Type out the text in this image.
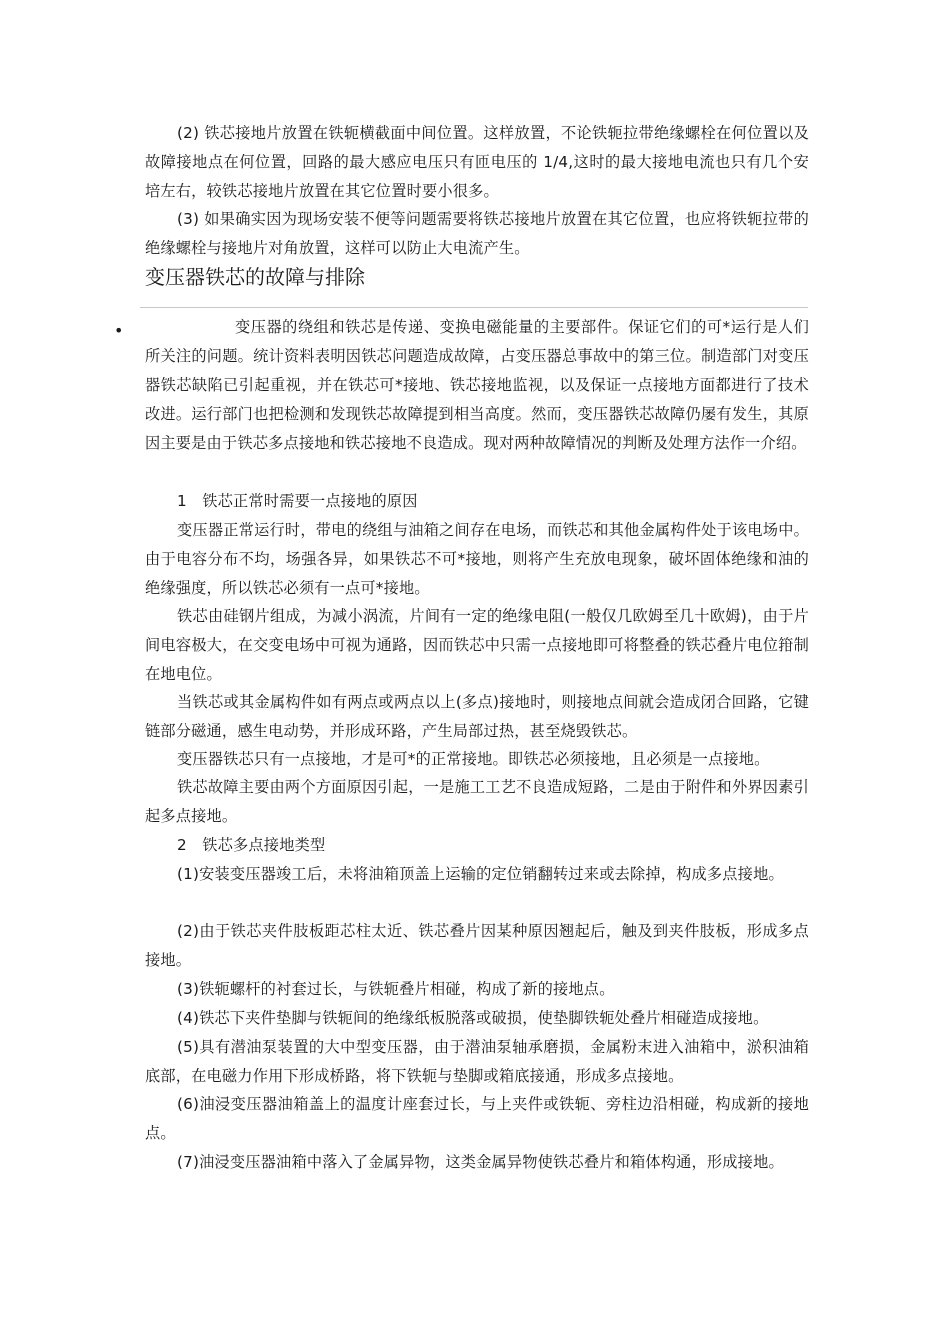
(2) 铁芯接地片放置在铁轭横截面中间位置。这样放置，不论铁轭拉带绝缘螺栓在何位置以及故障接地点在何位置，回路的最大感应电压只有匝电压的 1/4,这时的最大接地电流也只有几个安培左右，较铁芯接地片放置在其它位置时要小很多。

(3) 如果确实因为现场安装不便等问题需要将铁芯接地片放置在其它位置，也应将铁轭拉带的绝缘螺栓与接地片对角放置，这样可以防止大电流产生。

变压器铁芯的故障与排除
•	变压器的绕组和铁芯是传递、变换电磁能量的主要部件。保证它们的可*运行是人们所关注的问题。统计资料表明因铁芯问题造成故障，占变压器总事故中的第三位。制造部门对变压器铁芯缺陷已引起重视，并在铁芯可*接地、铁芯接地监视，以及保证一点接地方面都进行了技术改进。运行部门也把检测和发现铁芯故障提到相当高度。然而，变压器铁芯故障仍屡有发生，其原因主要是由于铁芯多点接地和铁芯接地不良造成。现对两种故障情况的判断及处理方法作一介绍。

1　铁芯正常时需要一点接地的原因

变压器正常运行时，带电的绕组与油箱之间存在电场，而铁芯和其他金属构件处于该电场中。由于电容分布不均，场强各异，如果铁芯不可*接地，则将产生充放电现象，破坏固体绝缘和油的绝缘强度，所以铁芯必须有一点可*接地。

铁芯由硅钢片组成，为减小涡流，片间有一定的绝缘电阻(一般仅几欧姆至几十欧姆)，由于片间电容极大，在交变电场中可视为通路，因而铁芯中只需一点接地即可将整叠的铁芯叠片电位箝制在地电位。

当铁芯或其金属构件如有两点或两点以上(多点)接地时，则接地点间就会造成闭合回路，它键链部分磁通，感生电动势，并形成环路，产生局部过热，甚至烧毁铁芯。

变压器铁芯只有一点接地，才是可*的正常接地。即铁芯必须接地，且必须是一点接地。

铁芯故障主要由两个方面原因引起，一是施工工艺不良造成短路，二是由于附件和外界因素引起多点接地。

2　铁芯多点接地类型

(1)安装变压器竣工后，未将油箱顶盖上运输的定位销翻转过来或去除掉，构成多点接地。

(2)由于铁芯夹件肢板距芯柱太近、铁芯叠片因某种原因翘起后，触及到夹件肢板，形成多点接地。

(3)铁轭螺杆的衬套过长，与铁轭叠片相碰，构成了新的接地点。

(4)铁芯下夹件垫脚与铁轭间的绝缘纸板脱落或破损，使垫脚铁轭处叠片相碰造成接地。

(5)具有潜油泵装置的大中型变压器，由于潜油泵轴承磨损，金属粉末进入油箱中，淤积油箱底部，在电磁力作用下形成桥路，将下铁轭与垫脚或箱底接通，形成多点接地。

(6)油浸变压器油箱盖上的温度计座套过长，与上夹件或铁轭、旁柱边沿相碰，构成新的接地点。

(7)油浸变压器油箱中落入了金属异物，这类金属异物使铁芯叠片和箱体构通，形成接地。
